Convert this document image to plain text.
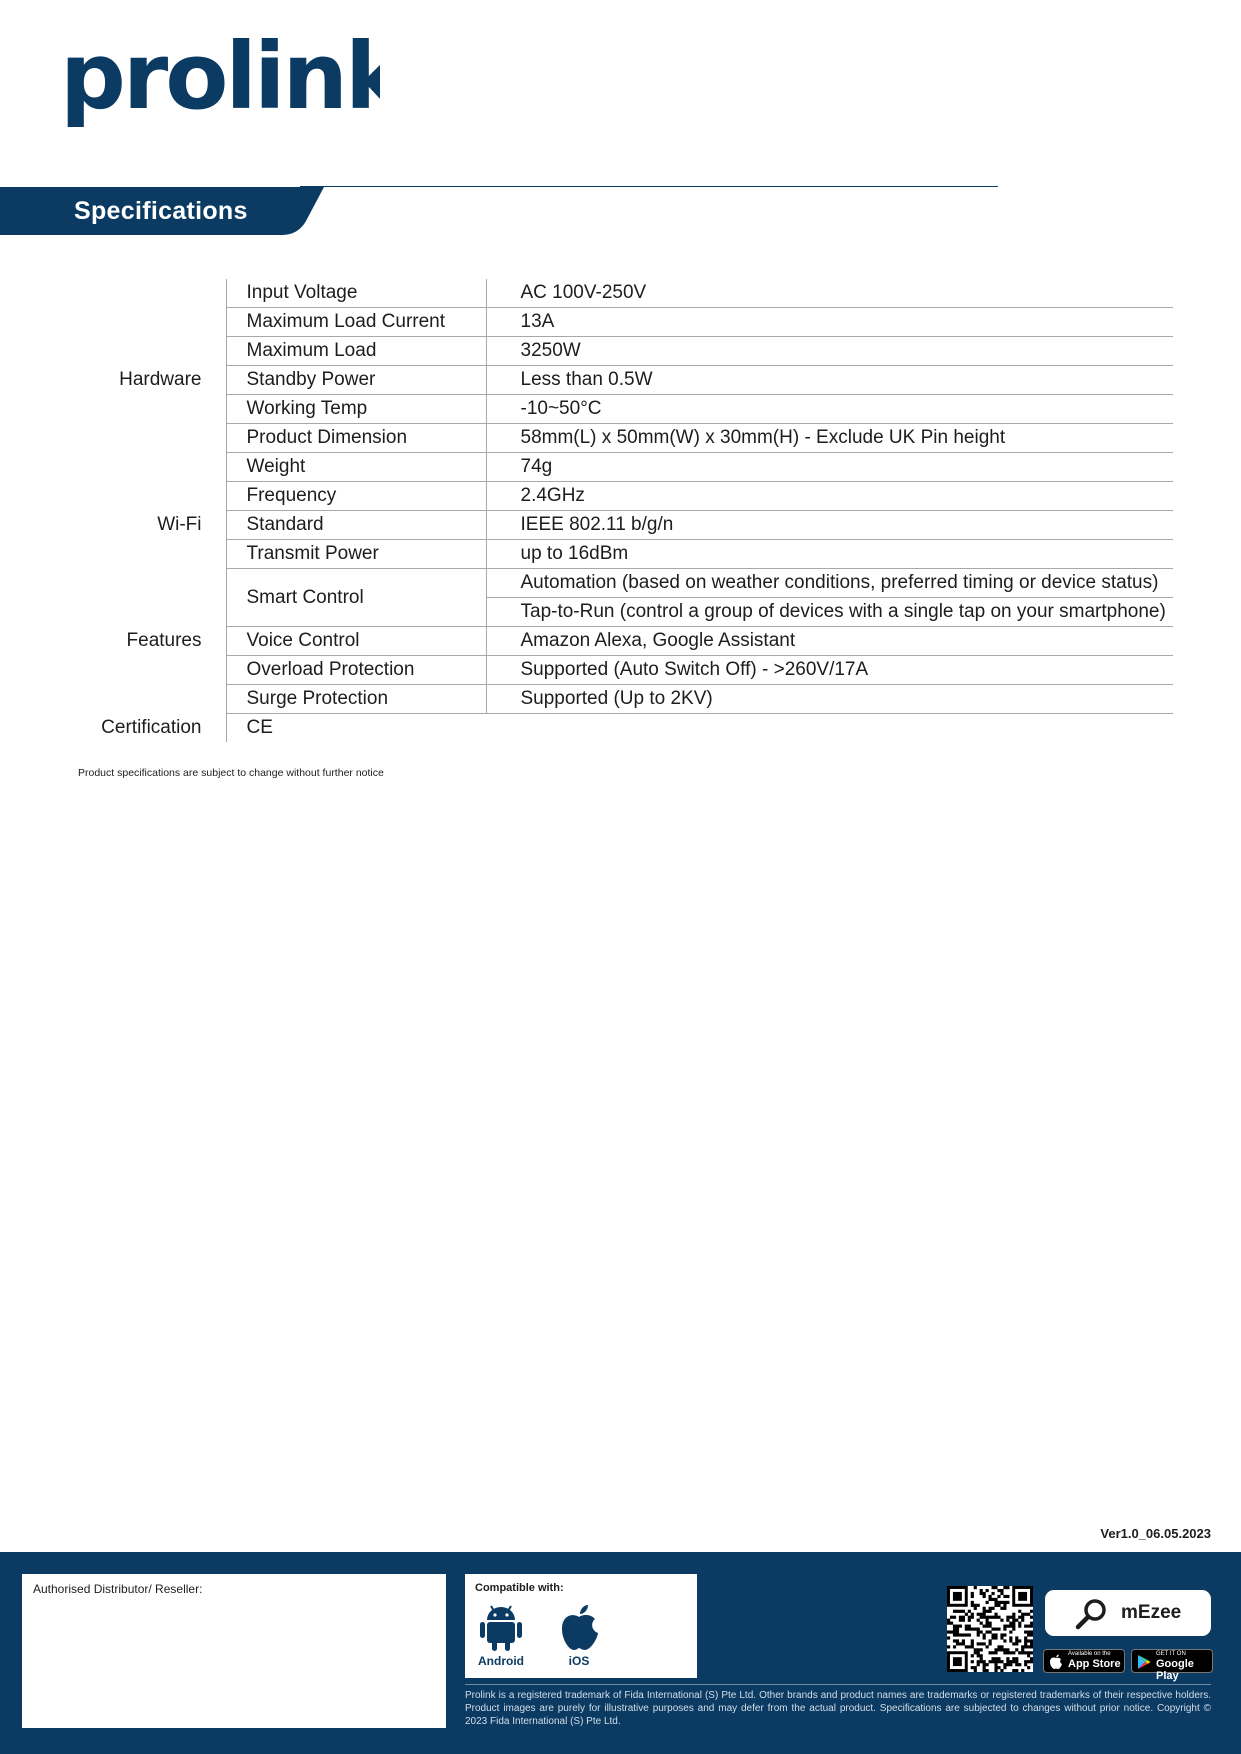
prolink
Specifications
Hardware	Input Voltage	AC 100V-250V
	Maximum Load Current	13A
	Maximum Load	3250W
	Standby Power	Less than 0.5W
	Working Temp	-10~50°C
	Product Dimension	58mm(L) x 50mm(W) x 30mm(H) - Exclude UK Pin height
	Weight	74g
Wi-Fi	Frequency	2.4GHz
	Standard	IEEE 802.11 b/g/n
	Transmit Power	up to 16dBm
Features	Smart Control	Automation (based on weather conditions, preferred timing or device status)
		Tap-to-Run (control a group of devices with a single tap on your smartphone)
	Voice Control	Amazon Alexa, Google Assistant
	Overload Protection	Supported (Auto Switch Off) - >260V/17A
	Surge Protection	Supported (Up to 2KV)
Certification	CE	
Product specifications are subject to change without further notice
Ver1.0_06.05.2023
Authorised Distributor/ Reseller:	Compatible with:
Android	iOS
mEzee
Available on the
App Store
GET IT ON
Google Play
Prolink is a registered trademark of Fida International (S) Pte Ltd. Other brands and product names are trademarks or registered trademarks of their respective holders. Product images are purely for illustrative purposes and may defer from the actual product. Specifications are subjected to changes without prior notice. Copyright © 2023 Fida International (S) Pte Ltd.
